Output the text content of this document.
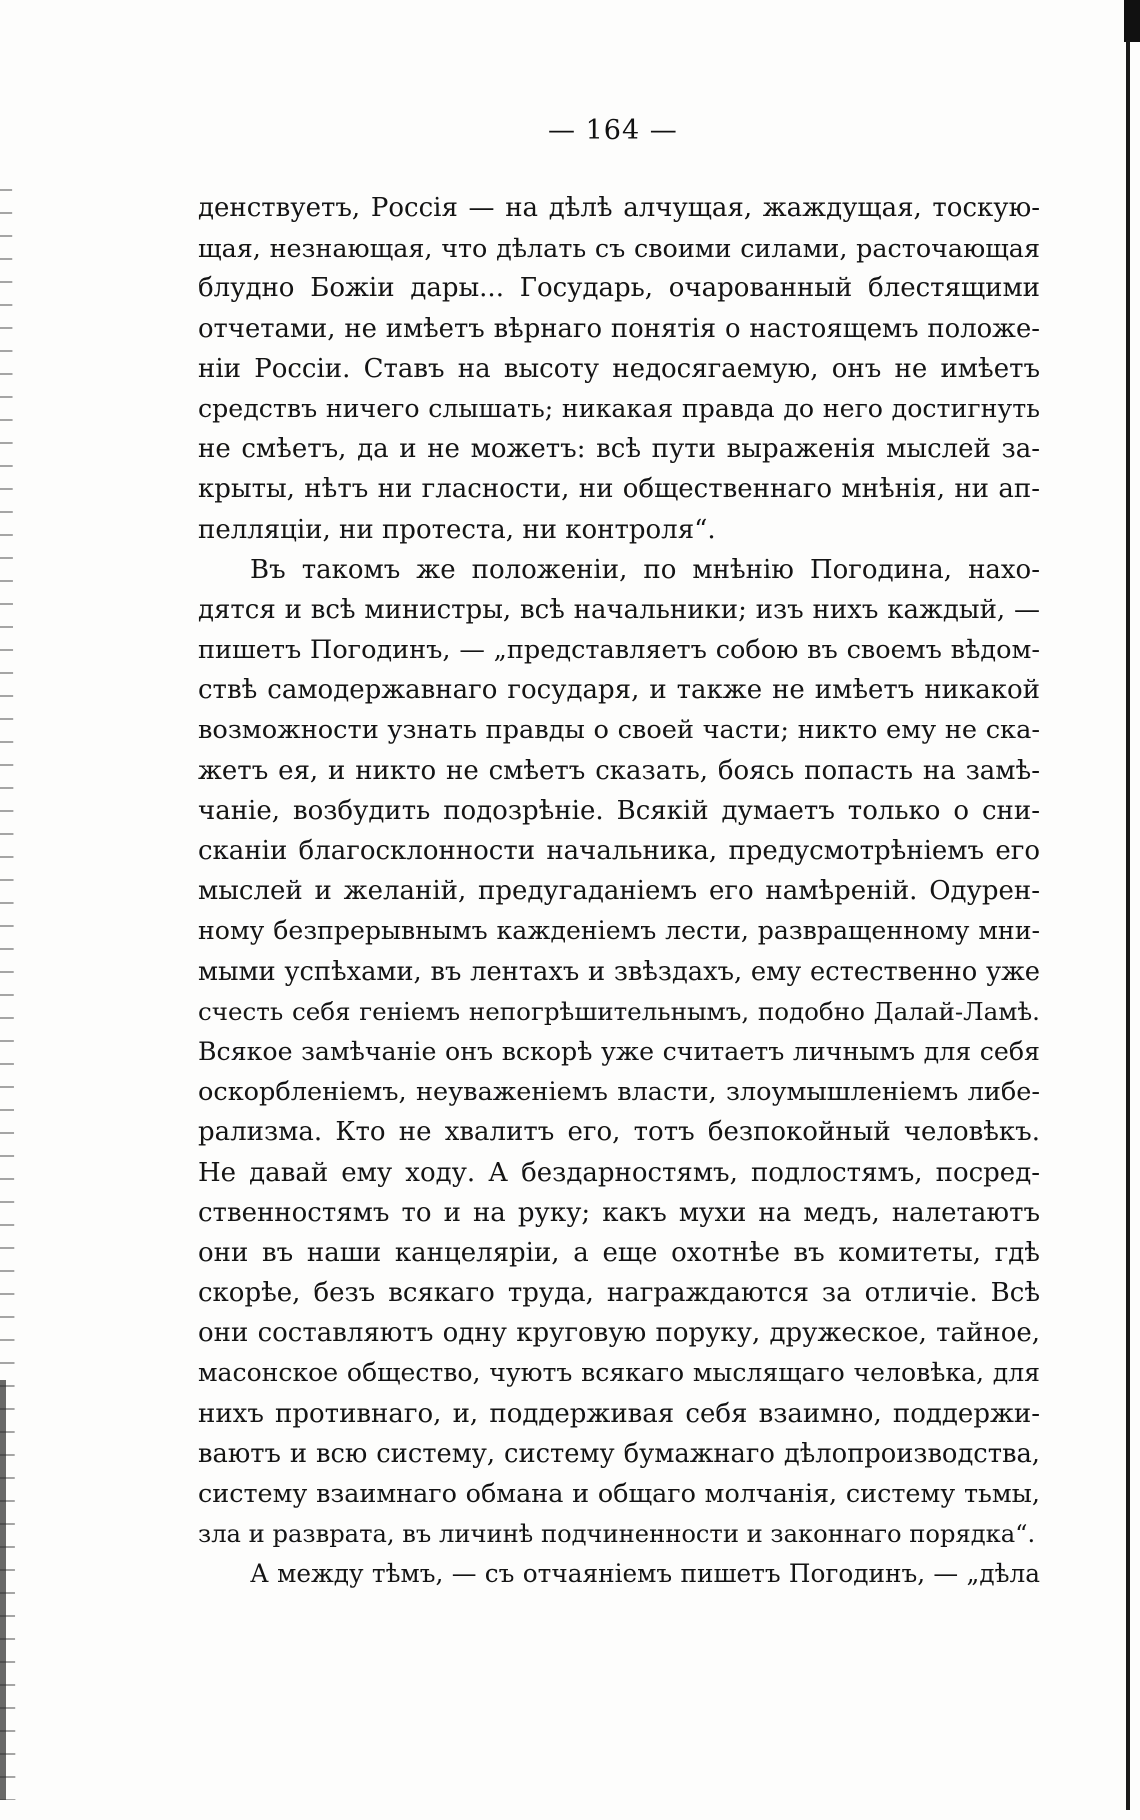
— 164 —
денствуетъ, Россія — на дѣлѣ алчущая, жаждущая, тоскую-
щая, незнающая, что дѣлать съ своими силами, расточающая
блудно Божіи дары... Государь, очарованный блестящими
отчетами, не имѣетъ вѣрнаго понятія о настоящемъ положе-
ніи Россіи. Ставъ на высоту недосягаемую, онъ не имѣетъ
средствъ ничего слышать; никакая правда до него достигнуть
не смѣетъ, да и не можетъ: всѣ пути выраженія мыслей за-
крыты, нѣтъ ни гласности, ни общественнаго мнѣнія, ни ап-
пелляціи, ни протеста, ни контроля“.
Въ такомъ же положеніи, по мнѣнію Погодина, нахо-
дятся и всѣ министры, всѣ начальники; изъ нихъ каждый, —
пишетъ Погодинъ, — „представляетъ собою въ своемъ вѣдом-
ствѣ самодержавнаго государя, и также не имѣетъ никакой
возможности узнать правды о своей части; никто ему не ска-
жетъ ея, и никто не смѣетъ сказать, боясь попасть на замѣ-
чаніе, возбудить подозрѣніе. Всякій думаетъ только о сни-
сканіи благосклонности начальника, предусмотрѣніемъ его
мыслей и желаній, предугаданіемъ его намѣреній. Одурен-
ному безпрерывнымъ кажденіемъ лести, развращенному мни-
мыми успѣхами, въ лентахъ и звѣздахъ, ему естественно уже
счесть себя геніемъ непогрѣшительнымъ, подобно Далай-Ламѣ.
Всякое замѣчаніе онъ вскорѣ уже считаетъ личнымъ для себя
оскорбленіемъ, неуваженіемъ власти, злоумышленіемъ либе-
рализма. Кто не хвалитъ его, тотъ безпокойный человѣкъ.
Не давай ему ходу. А бездарностямъ, подлостямъ, посред-
ственностямъ то и на руку; какъ мухи на медъ, налетаютъ
они въ наши канцеляріи, а еще охотнѣе въ комитеты, гдѣ
скорѣе, безъ всякаго труда, награждаются за отличіе. Всѣ
они составляютъ одну круговую поруку, дружеское, тайное,
масонское общество, чуютъ всякаго мыслящаго человѣка, для
нихъ противнаго, и, поддерживая себя взаимно, поддержи-
ваютъ и всю систему, систему бумажнаго дѣлопроизводства,
систему взаимнаго обмана и общаго молчанія, систему тьмы,
зла и разврата, въ личинѣ подчиненности и законнаго порядка“.
А между тѣмъ, — съ отчаяніемъ пишетъ Погодинъ, — „дѣла
